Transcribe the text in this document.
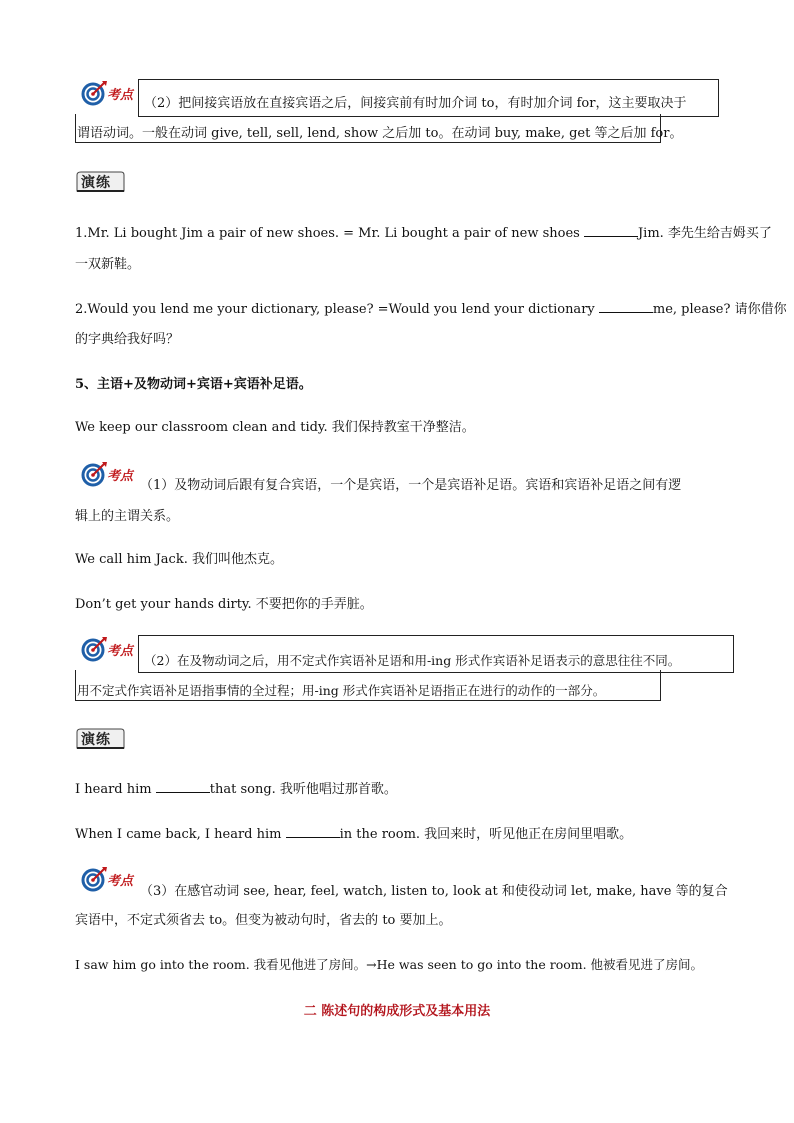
考点
（2）把间接宾语放在直接宾语之后，间接宾前有时加介词 to，有时加介词 for，这主要取决于
谓语动词。一般在动词 give, tell, sell, lend, show 之后加 to。在动词 buy, make, get 等之后加 for。
演练
1.Mr. Li bought Jim a pair of new shoes. = Mr. Li bought a pair of new shoes	Jim. 李先生给吉姆买了
一双新鞋。
2.Would you lend me your dictionary, please? =Would you lend your dictionary	me, please? 请你借你
的字典给我好吗？
5、主语+及物动词+宾语+宾语补足语。
We keep our classroom clean and tidy. 我们保持教室干净整洁。
考点
（1）及物动词后跟有复合宾语，一个是宾语，一个是宾语补足语。宾语和宾语补足语之间有逻
辑上的主谓关系。
We call him Jack. 我们叫他杰克。
Don’t get your hands dirty. 不要把你的手弄脏。
考点
（2）在及物动词之后，用不定式作宾语补足语和用-ing 形式作宾语补足语表示的意思往往不同。
用不定式作宾语补足语指事情的全过程；用-ing 形式作宾语补足语指正在进行的动作的一部分。
演练
I heard him	that song. 我听他唱过那首歌。
When I came back, I heard him	in the room. 我回来时，听见他正在房间里唱歌。
考点
（3）在感官动词 see, hear, feel, watch, listen to, look at 和使役动词 let, make, have 等的复合
宾语中，不定式须省去 to。但变为被动句时，省去的 to 要加上。
I saw him go into the room. 我看见他进了房间。→He was seen to go into the room. 他被看见进了房间。
二 陈述句的构成形式及基本用法
